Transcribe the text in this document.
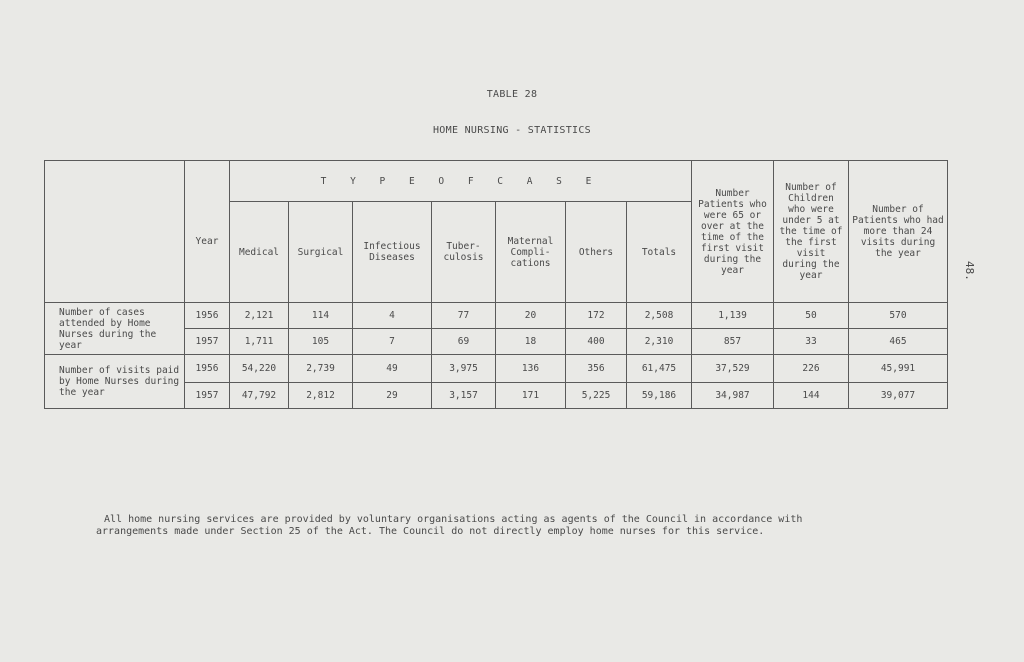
TABLE 28
HOME NURSING - STATISTICS
48.
	Year	T Y P E O F C A S E							Number Patients who were 65 or over at the time of the first visit during the year	Number of Children who were under 5 at the time of the first visit during the year	Number of Patients who had more than 24 visits during the year
		Medical	Surgical	Infectious Diseases	Tuber- culosis	Maternal Compli- cations	Others	Totals			
Number of cases attended by Home Nurses during the year	1956	2,121	114	4	77	20	172	2,508	1,139	50	570
	1957	1,711	105	7	69	18	400	2,310	857	33	465
Number of visits paid by Home Nurses during the year	1956	54,220	2,739	49	3,975	136	356	61,475	37,529	226	45,991
	1957	47,792	2,812	29	3,157	171	5,225	59,186	34,987	144	39,077

All home nursing services are provided by voluntary organisations acting as agents of the Council in accordance with

arrangements made under Section 25 of the Act. The Council do not directly employ home nurses for this service.
